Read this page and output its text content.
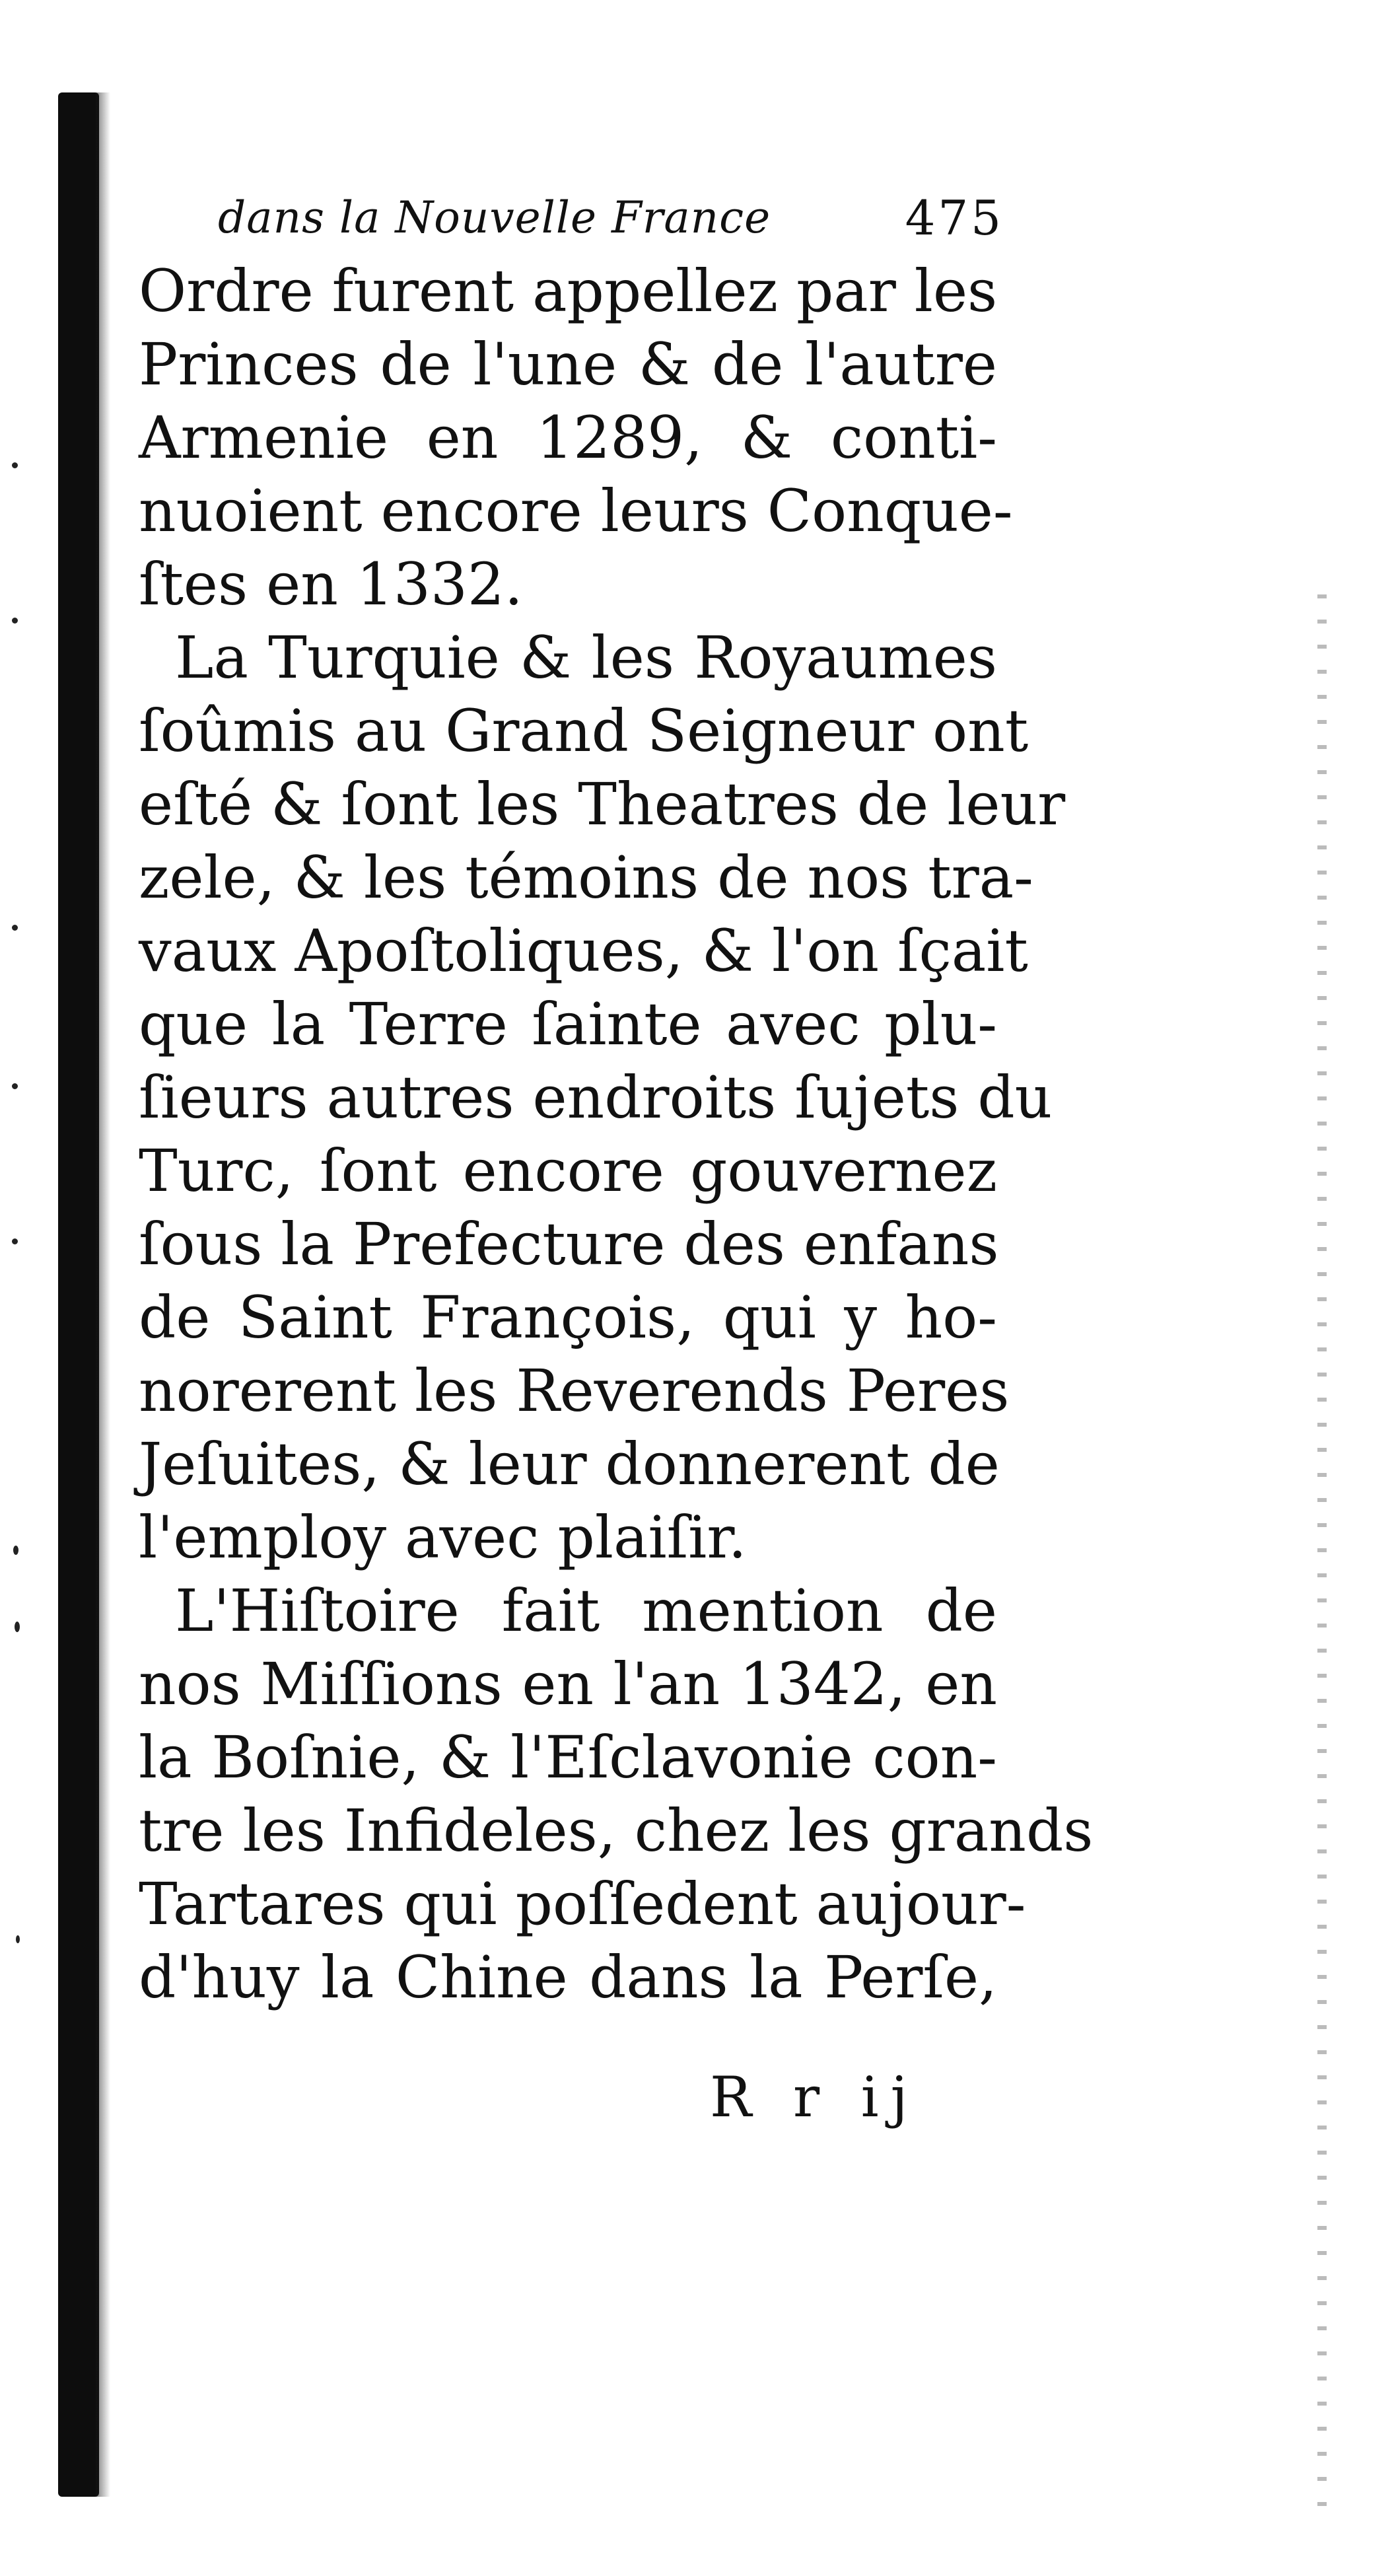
dans la Nouvelle France	475
Ordre furent appellez par les
Princes de l'une & de l'autre
Armenie en 1289, & conti-
nuoient encore leurs Conque-
ſtes en 1332.
La Turquie & les Royaumes
ſoûmis au Grand Seigneur ont
eſté & ſont les Theatres de leur
zele, & les témoins de nos tra-
vaux Apoſtoliques, & l'on ſçait
que la Terre ſainte avec plu-
ſieurs autres endroits ſujets du
Turc, ſont encore gouvernez
ſous la Prefecture des enfans
de Saint François, qui y ho-
norerent les Reverends Peres
Jeſuites, & leur donnerent de
l'employ avec plaiſir.
L'Hiſtoire fait mention de
nos Miſſions en l'an 1342, en
la Boſnie, & l'Eſclavonie con-
tre les Infideles, chez les grands
Tartares qui poſſedent aujour-
d'huy la Chine dans la Perſe,
R r ij
